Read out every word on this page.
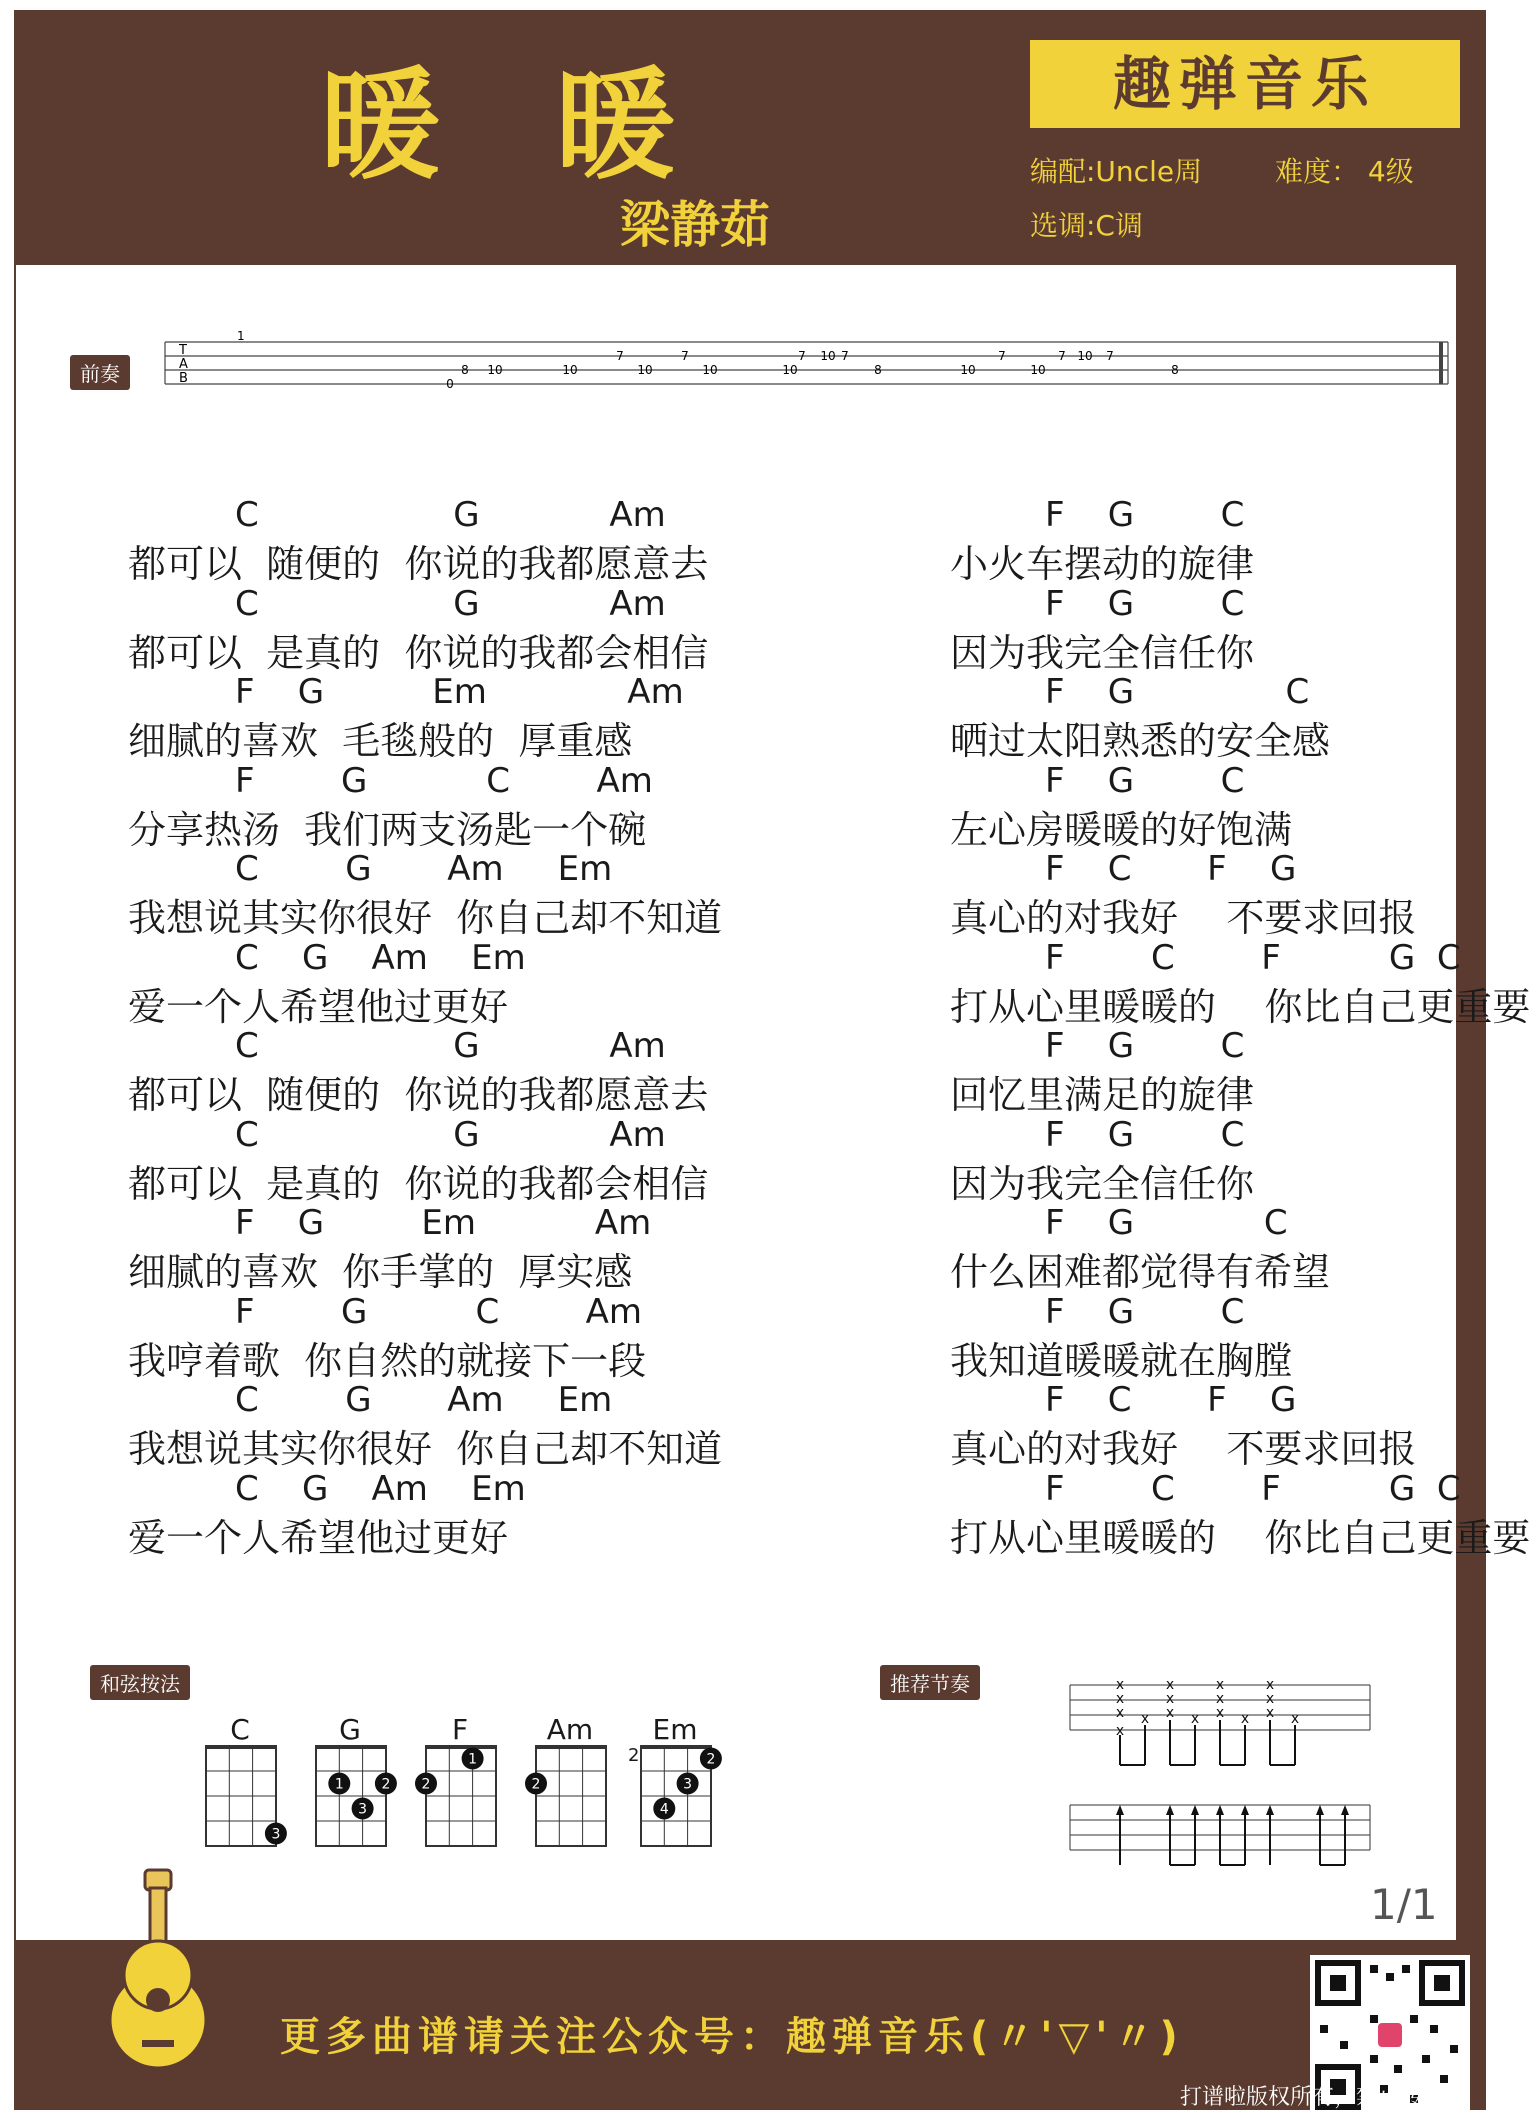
暖 暖
梁静茹
趣弹音乐
编配:Uncle周	难度： 4级
选调:C调
前奏
T
A
B
1
8 10
0
10	10
7
10
7
10
7 10 7
8	10
7
10
7 10 7
8
C                  G            Am
都可以  随便的  你说的我都愿意去
F    G        C
小火车摆动的旋律
C                  G            Am
都可以  是真的  你说的我都会相信
F    G        C
因为我完全信任你
F    G          Em             Am
细腻的喜欢  毛毯般的  厚重感
F    G              C
晒过太阳熟悉的安全感
F        G           C        Am
分享热汤  我们两支汤匙一个碗
F    G        C
左心房暖暖的好饱满
C        G       Am     Em
我想说其实你很好  你自己却不知道
F    C       F    G
真心的对我好    不要求回报
C    G    Am    Em
爱一个人希望他过更好
F        C        F          G  C
打从心里暖暖的    你比自己更重要
C                  G            Am
都可以  随便的  你说的我都愿意去
F    G        C
回忆里满足的旋律
C                  G            Am
都可以  是真的  你说的我都会相信
F    G        C
因为我完全信任你
F    G         Em           Am
细腻的喜欢  你手掌的  厚实感
F    G            C
什么困难都觉得有希望
F        G          C        Am
我哼着歌  你自然的就接下一段
F    G        C
我知道暖暖就在胸膛
C        G       Am     Em
我想说其实你很好  你自己却不知道
F    C       F    G
真心的对我好    不要求回报
C    G    Am    Em
爱一个人希望他过更好
F        C        F          G  C
打从心里暖暖的    你比自己更重要
和弦按法
C
3
G
1	2
3
F
1
2
Am
2
Em
2
3
4
2
推荐节奏	x
x
x
x
x
x
x
x x
x
x
x x
x
x
x x
1/1
更多曲谱请关注公众号：趣弹音乐(〃'▽'〃)
打谱啦版权所有，禁止转载
